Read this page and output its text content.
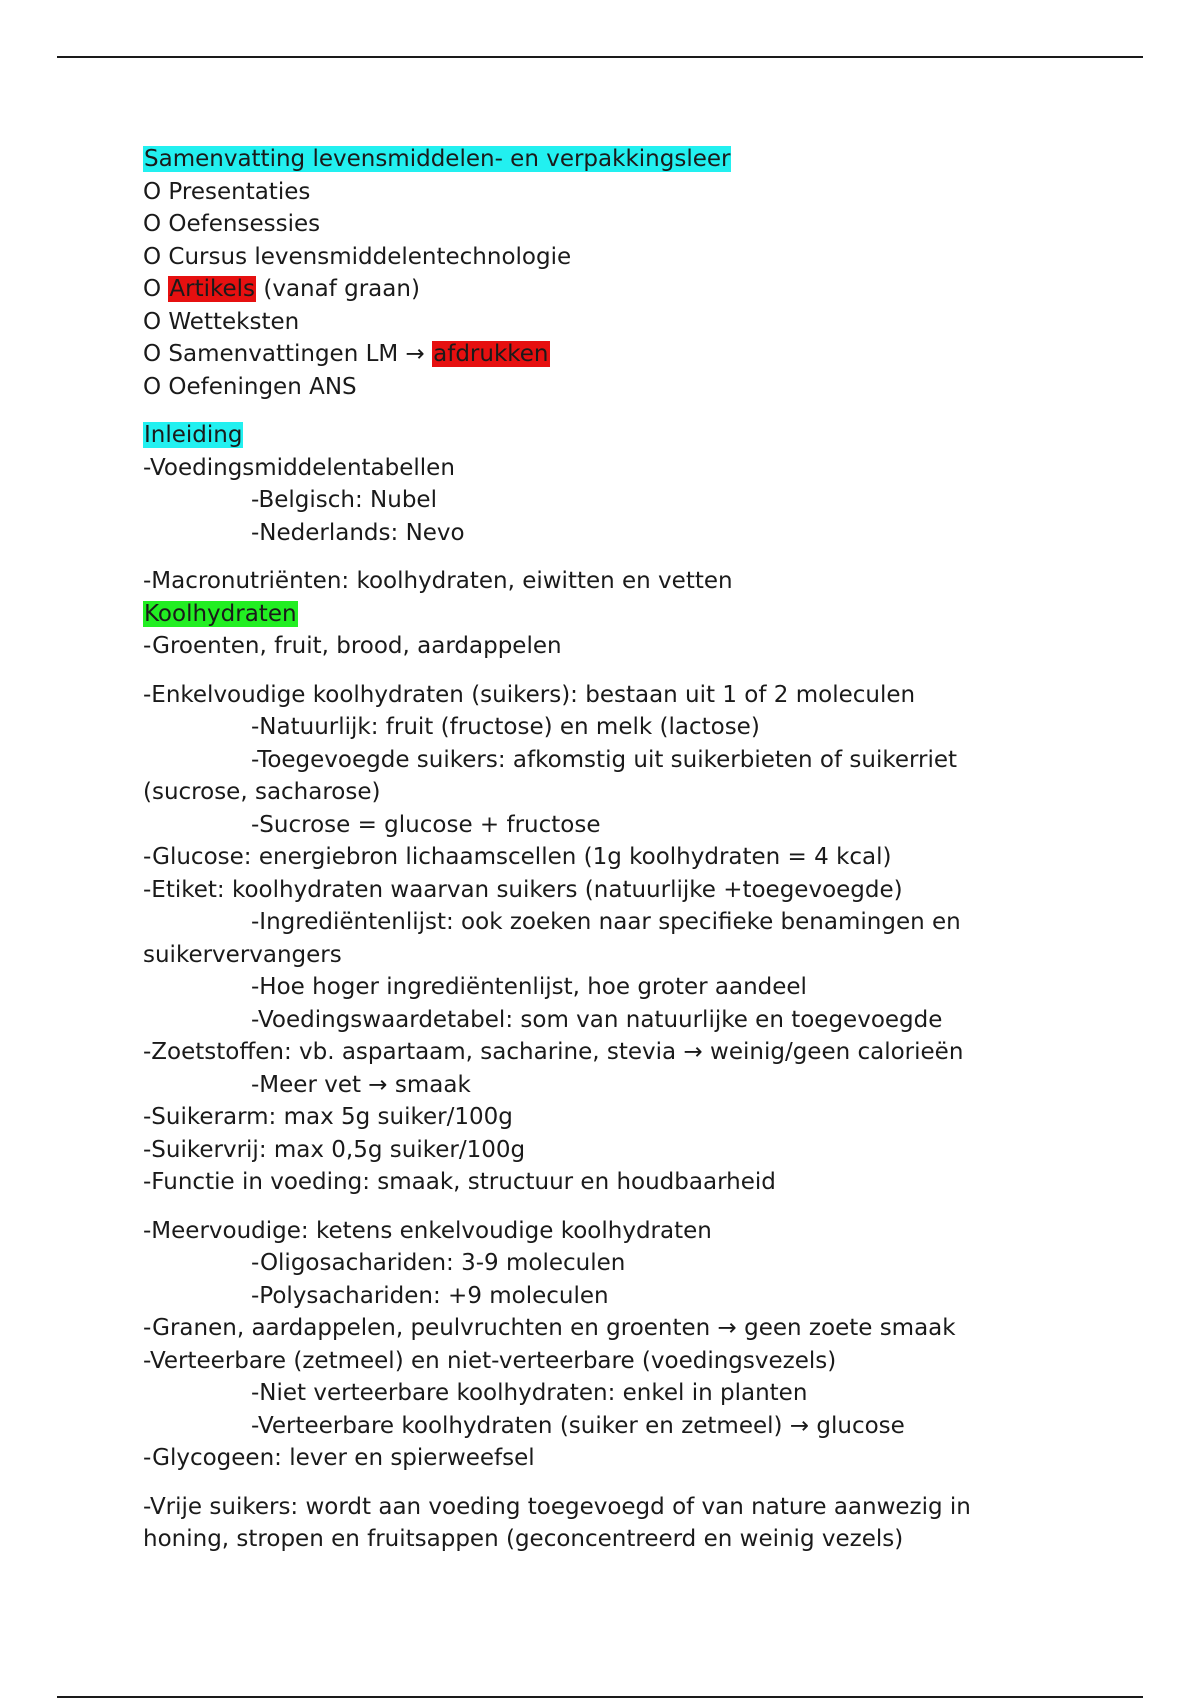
Samenvatting levensmiddelen- en verpakkingsleer
O Presentaties
O Oefensessies
O Cursus levensmiddelentechnologie
O Artikels (vanaf graan)
O Wetteksten
O Samenvattingen LM → afdrukken
O Oefeningen ANS
Inleiding
-Voedingsmiddelentabellen
-Belgisch: Nubel
-Nederlands: Nevo
-Macronutriënten: koolhydraten, eiwitten en vetten
Koolhydraten
-Groenten, fruit, brood, aardappelen
-Enkelvoudige koolhydraten (suikers): bestaan uit 1 of 2 moleculen
-Natuurlijk: fruit (fructose) en melk (lactose)
-Toegevoegde suikers: afkomstig uit suikerbieten of suikerriet
(sucrose, sacharose)
-Sucrose = glucose + fructose
-Glucose: energiebron lichaamscellen (1g koolhydraten = 4 kcal)
-Etiket: koolhydraten waarvan suikers (natuurlijke +toegevoegde)
-Ingrediëntenlijst: ook zoeken naar specifieke benamingen en
suikervervangers
-Hoe hoger ingrediëntenlijst, hoe groter aandeel
-Voedingswaardetabel: som van natuurlijke en toegevoegde
-Zoetstoffen: vb. aspartaam, sacharine, stevia → weinig/geen calorieën
-Meer vet → smaak
-Suikerarm: max 5g suiker/100g
-Suikervrij: max 0,5g suiker/100g
-Functie in voeding: smaak, structuur en houdbaarheid
-Meervoudige: ketens enkelvoudige koolhydraten
-Oligosachariden: 3-9 moleculen
-Polysachariden: +9 moleculen
-Granen, aardappelen, peulvruchten en groenten → geen zoete smaak
-Verteerbare (zetmeel) en niet-verteerbare (voedingsvezels)
-Niet verteerbare koolhydraten: enkel in planten
-Verteerbare koolhydraten (suiker en zetmeel) → glucose
-Glycogeen: lever en spierweefsel
-Vrije suikers: wordt aan voeding toegevoegd of van nature aanwezig in honing, stropen en fruitsappen (geconcentreerd en weinig vezels)
